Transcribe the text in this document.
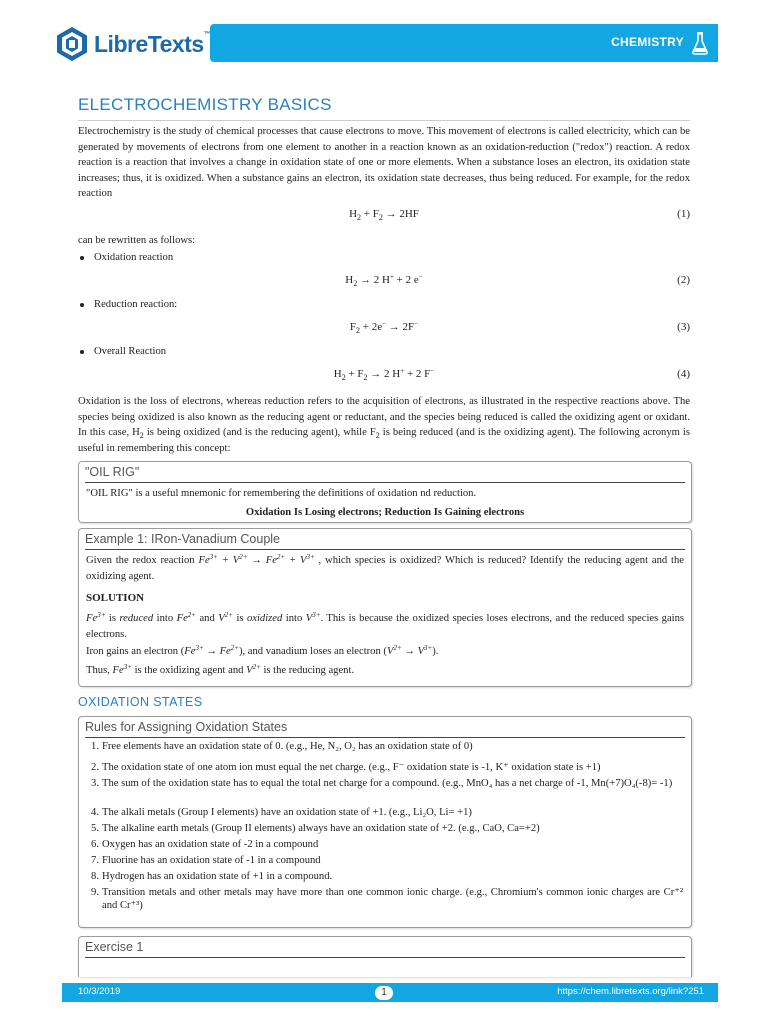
LibreTexts™
CHEMISTRY
ELECTROCHEMISTRY BASICS
Electrochemistry is the study of chemical processes that cause electrons to move. This movement of electrons is called electricity, which can be generated by movements of electrons from one element to another in a reaction known as an oxidation-reduction ("redox") reaction. A redox reaction is a reaction that involves a change in oxidation state of one or more elements. When a substance loses an electron, its oxidation state increases; thus, it is oxidized. When a substance gains an electron, its oxidation state decreases, thus being reduced. For example, for the redox reaction
$H_2 + F_2 \to 2HF$	(1)
can be rewritten as follows:
Oxidation reaction
$H_2 \to 2$ H+ + 2 e−	(2)
Reduction reaction:
$F_2 + 2e^- \to 2F^-$	(3)
Overall Reaction
$H_2 + F_2 \to 2$ H+ + 2 F−	(4)
Oxidation is the loss of electrons, whereas reduction refers to the acquisition of electrons, as illustrated in the respective reactions above. The species being oxidized is also known as the reducing agent or reductant, and the species being reduced is called the oxidizing agent or oxidant. In this case, $H_2$ is being oxidized (and is the reducing agent), while $F_2$ is being reduced (and is the oxidizing agent). The following acronym is useful in remembering this concept:
"OIL RIG"
"OIL RIG" is a useful mnemonic for remembering the definitions of oxidation nd reduction.
Oxidation Is Losing electrons; Reduction Is Gaining electrons
Example 1: IRon-Vanadium Couple
Given the redox reaction $Fe^{3+} + V^{2+} \to Fe^{2+} + V^{3+}$ , which species is oxidized? Which is reduced? Identify the reducing agent and the oxidizing agent.
SOLUTION
$Fe^{3+}$ is reduced into $Fe^{2+}$ and $V^{2+}$ is oxidized into $V^{3+}$. This is because the oxidized species loses electrons, and the reduced species gains electrons.
Iron gains an electron $(Fe^{3+} \to Fe^{2+})$, and vanadium loses an electron $(V^{2+} \to V^{3+})$.
Thus, $Fe^{3+}$ is the oxidizing agent and $V^{2+}$ is the reducing agent.
OXIDATION STATES
Rules for Assigning Oxidation States
1. Free elements have an oxidation state of 0. (e.g., He, N₂, O₂ has an oxidation state of 0)
2. The oxidation state of one atom ion must equal the net charge. (e.g., F⁻ oxidation state is -1, K⁺ oxidation state is +1)
3. The sum of the oxidation state has to equal the total net charge for a compound. (e.g., MnO₄ has a net charge of -1, Mn(+7)O₄(-8)= -1)
4. The alkali metals (Group I elements) have an oxidation state of +1. (e.g., Li₂O, Li= +1)
5. The alkaline earth metals (Group II elements) always have an oxidation state of +2. (e.g., CaO, Ca=+2)
6. Oxygen has an oxidation state of -2 in a compound
7. Fluorine has an oxidation state of -1 in a compound
8. Hydrogen has an oxidation state of +1 in a compound.
9. Transition metals and other metals may have more than one common ionic charge. (e.g., Chromium's common ionic charges are Cr⁺² and Cr⁺³)
Exercise 1
10/3/2019	https://chem.libretexts.org/link?251
1
